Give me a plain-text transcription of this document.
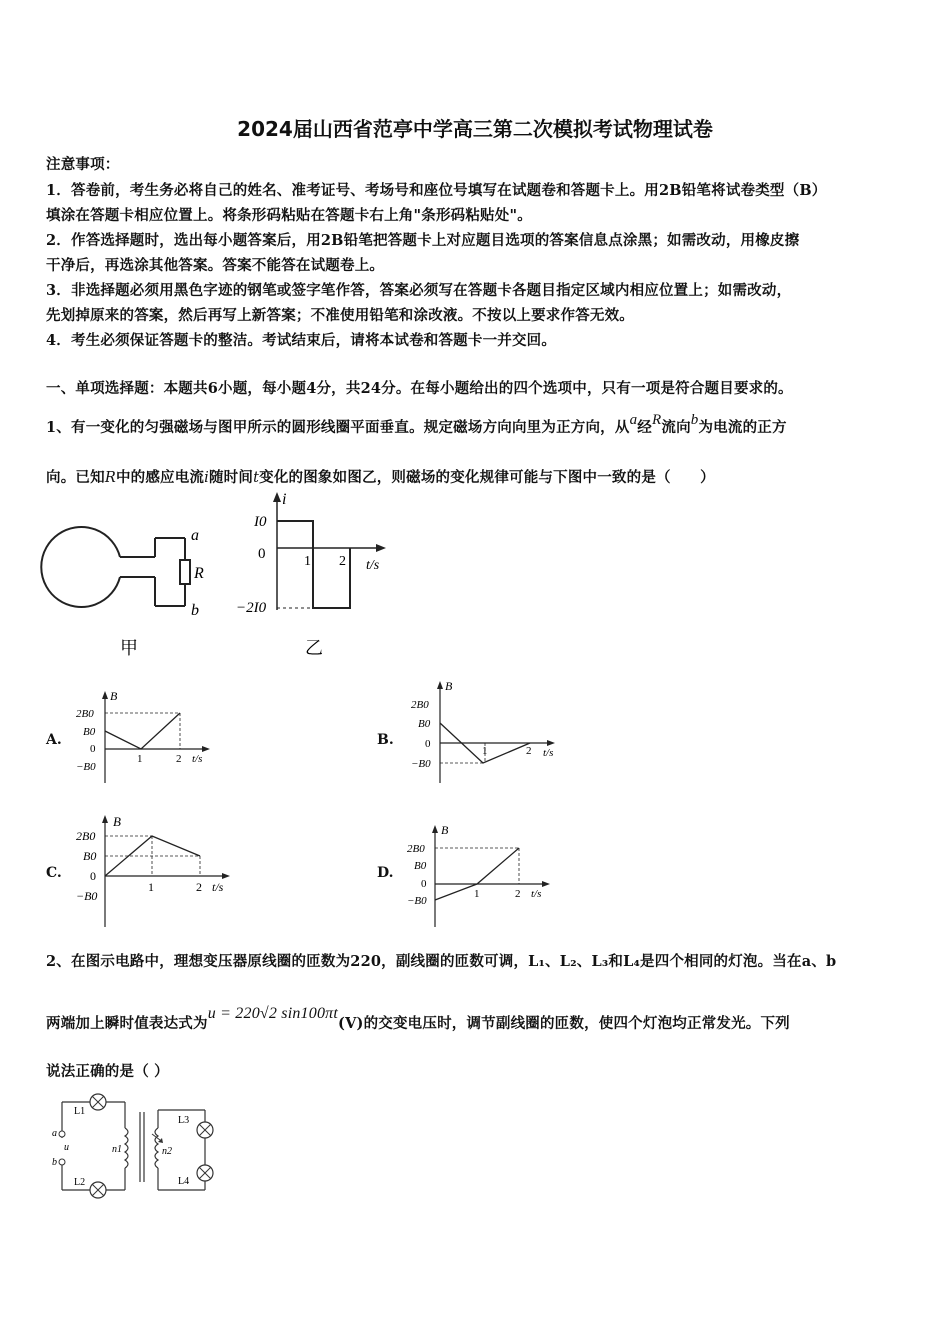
2024届山西省范亭中学高三第二次模拟考试物理试卷
注意事项：
1．答卷前，考生务必将自己的姓名、准考证号、考场号和座位号填写在试题卷和答题卡上。用2B铅笔将试卷类型（B）
填涂在答题卡相应位置上。将条形码粘贴在答题卡右上角"条形码粘贴处"。
2．作答选择题时，选出每小题答案后，用2B铅笔把答题卡上对应题目选项的答案信息点涂黑；如需改动，用橡皮擦
干净后，再选涂其他答案。答案不能答在试题卷上。
3．非选择题必须用黑色字迹的钢笔或签字笔作答，答案必须写在答题卡各题目指定区域内相应位置上；如需改动，
先划掉原来的答案，然后再写上新答案；不准使用铅笔和涂改液。不按以上要求作答无效。
4．考生必须保证答题卡的整洁。考试结束后，请将本试卷和答题卡一并交回。
一、单项选择题：本题共6小题，每小题4分，共24分。在每小题给出的四个选项中，只有一项是符合题目要求的。
1、有一变化的匀强磁场与图甲所示的圆形线圈平面垂直。规定磁场方向向里为正方向，从a经R流向b为电流的正方
向。已知R中的感应电流i随时间t变化的图象如图乙，则磁场的变化规律可能与下图中一致的是（　　）
a
R
b
甲
i
I0
0	1 2 t/s
−2I0
乙
A.	B.
C.	D.
B
2B0
B0
0
−B0
1	2 t/s
B
2B0
B0
0
−B0
1	2 t/s
B
2B0
B0
0
−B0
1	2 t/s
B
2B0
B0
0
−B0
1	2 t/s
2、在图示电路中，理想变压器原线圈的匝数为220，副线圈的匝数可调，L₁、L₂、L₃和L₄是四个相同的灯泡。当在a、b
两端加上瞬时值表达式为u = 220√2 sin100πt(V)的交变电压时，调节副线圈的匝数，使四个灯泡均正常发光。下列
说法正确的是（ ）
L1
L2
L3
L4
a
u
b
n1	n2
